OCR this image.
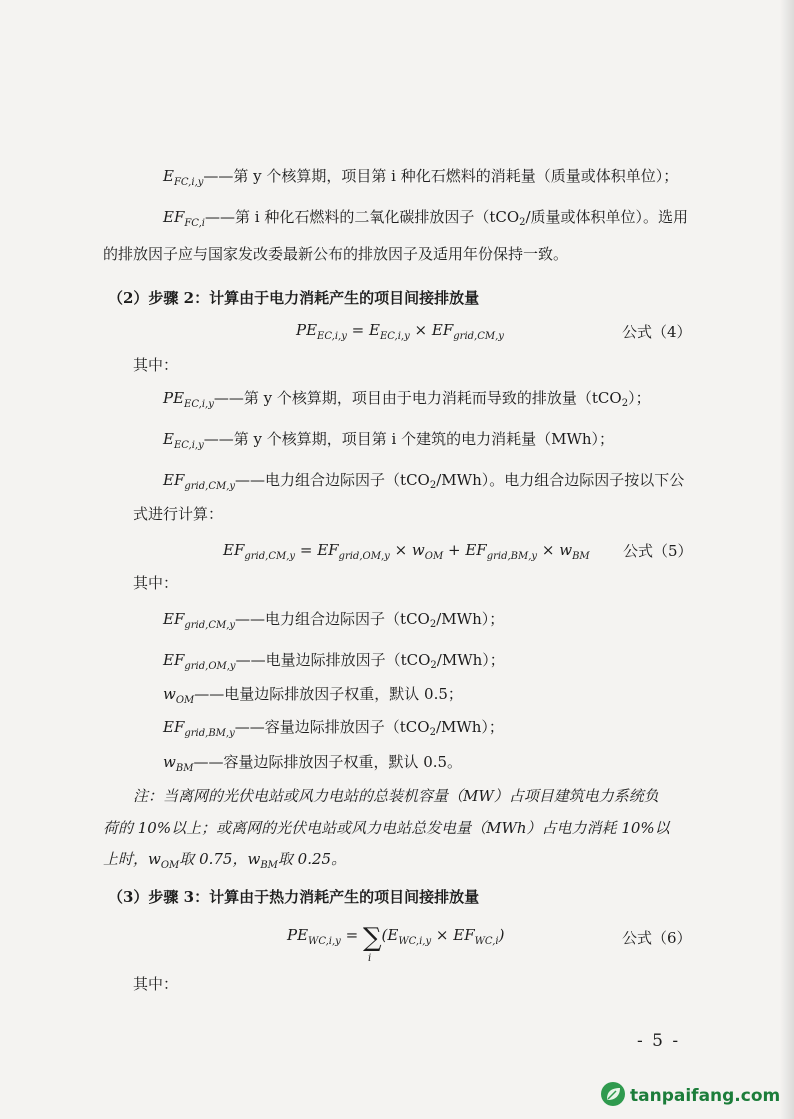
$E_{FC,i,y}——$第 y 个核算期，项目第 i 种化石燃料的消耗量（质量或体积单位）；
$EF_{FC,i}——$第 i 种化石燃料的二氧化碳排放因子（tCO$_2$/质量或体积单位）。选用
的排放因子应与国家发改委最新公布的排放因子及适用年份保持一致。
（2）步骤 2：计算由于电力消耗产生的项目间接排放量
$PE_{EC,i,y} = E_{EC,i,y} \times EF_{grid,CM,y}$	公式（4）
其中：
$PE_{EC,i,y}——$第 y 个核算期，项目由于电力消耗而导致的排放量（tCO$_2$）；
$E_{EC,i,y}——$第 y 个核算期，项目第 i 个建筑的电力消耗量（MWh）；
$EF_{grid,CM,y}——$电力组合边际因子（tCO$_2$/MWh）。电力组合边际因子按以下公
式进行计算：
$EF_{grid,CM,y} = EF_{grid,OM,y} \times w_{OM} + EF_{grid,BM,y} \times w_{BM}$ 公式（5）
其中：
$EF_{grid,CM,y}——$电力组合边际因子（tCO$_2$/MWh）；
$EF_{grid,OM,y}——$电量边际排放因子（tCO$_2$/MWh）；
$w_{OM}——$电量边际排放因子权重，默认 0.5；
$EF_{grid,BM,y}——$容量边际排放因子（tCO$_2$/MWh）；
$w_{BM}——$容量边际排放因子权重，默认 0.5。
注：当离网的光伏电站或风力电站的总装机容量（MW）占项目建筑电力系统负
荷的 10%以上；或离网的光伏电站或风力电站总发电量（MWh）占电力消耗 10%以
上时，$w_{OM}$取 0.75，$w_{BM}$取 0.25。
（3）步骤 3：计算由于热力消耗产生的项目间接排放量
$PE_{WC,i,y} = \sum(E_{WC,i,y} \times EF_{WC,i})$
i
公式（6）
其中：
- 5 -
tanpaifang.com
